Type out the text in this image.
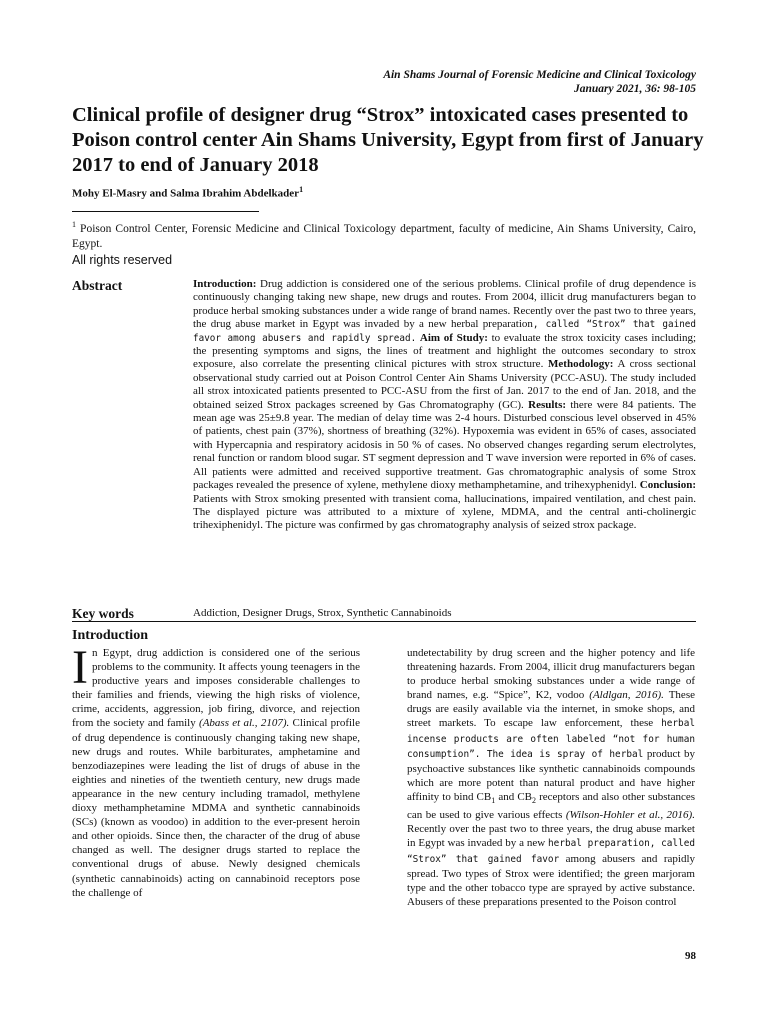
Ain Shams Journal of Forensic Medicine and Clinical Toxicology
January 2021, 36: 98-105
Clinical profile of designer drug “Strox” intoxicated cases presented to Poison control center Ain Shams University, Egypt from first of January 2017 to end of January 2018
Mohy El-Masry and Salma Ibrahim Abdelkader$^1$
$^1$ Poison Control Center, Forensic Medicine and Clinical Toxicology department, faculty of medicine, Ain Shams University, Cairo, Egypt.
All rights reserved
Abstract	Introduction: Drug addiction is considered one of the serious problems. Clinical profile of drug dependence is continuously changing taking new shape, new drugs and routes. From 2004, illicit drug manufacturers began to produce herbal smoking substances under a wide range of brand names. Recently over the past two to three years, the drug abuse market in Egypt was invaded by a new herbal preparation, called “Strox” that gained favor among abusers and rapidly spread. Aim of Study: to evaluate the strox toxicity cases including; the presenting symptoms and signs, the lines of treatment and highlight the outcomes secondary to strox exposure, also correlate the presenting clinical pictures with strox structure. Methodology: A cross sectional observational study carried out at Poison Control Center Ain Shams University (PCC-ASU). The study included all strox intoxicated patients presented to PCC-ASU from the first of Jan. 2017 to the end of Jan. 2018, and the obtained seized Strox packages screened by Gas Chromatography (GC). Results: there were 84 patients. The mean age was 25±9.8 year. The median of delay time was 2-4 hours. Disturbed conscious level observed in 45% of patients, chest pain (37%), shortness of breathing (32%). Hypoxemia was evident in 65% of cases, associated with Hypercapnia and respiratory acidosis in 50 % of cases. No observed changes regarding serum electrolytes, renal function or random blood sugar. ST segment depression and T wave inversion were reported in 6% of cases. All patients were admitted and received supportive treatment. Gas chromatographic analysis of some Strox packages revealed the presence of xylene, methylene dioxy methamphetamine, and trihexyphenidyl. Conclusion: Patients with Strox smoking presented with transient coma, hallucinations, impaired ventilation, and chest pain. The displayed picture was attributed to a mixture of xylene, MDMA, and the central anti-cholinergic trihexiphenidyl. The picture was confirmed by gas chromatography analysis of seized strox package.
Key words	Addiction, Designer Drugs, Strox, Synthetic Cannabinoids
Introduction

In Egypt, drug addiction is considered one of the serious problems to the community. It affects young teenagers in the productive years and imposes considerable challenges to their families and friends, viewing the high risks of violence, crime, accidents, aggression, job firing, divorce, and rejection from the society and family (Abass et al., 2107). Clinical profile of drug dependence is continuously changing taking new shape, new drugs and routes. While barbiturates, amphetamine and benzodiazepines were leading the list of drugs of abuse in the eighties and nineties of the twentieth century, new drugs made appearance in the new century including tramadol, methylene dioxy methamphetamine MDMA and synthetic cannabinoids (SCs) (known as voodoo) in addition to the ever-present heroin and other opioids. Since then, the character of the drug of abuse changed as well. The designer drugs started to replace the conventional drugs of abuse. Newly designed chemicals (synthetic cannabinoids) acting on cannabinoid receptors pose the challenge of

undetectability by drug screen and the higher potency and life threatening hazards. From 2004, illicit drug manufacturers began to produce herbal smoking substances under a wide range of brand names, e.g. “Spice”, K2, vodoo (Aldlgan, 2016). These drugs are easily available via the internet, in smoke shops, and street markets. To escape law enforcement, these herbal incense products are often labeled “not for human consumption”. The idea is spray of herbal product by psychoactive substances like synthetic cannabinoids compounds which are more potent than natural product and have higher affinity to bind $CB_1$ and $CB_2$ receptors and also other substances can be used to give various effects (Wilson-Hohler et al., 2016). Recently over the past two to three years, the drug abuse market in Egypt was invaded by a new herbal preparation, called “Strox” that gained favor among abusers and rapidly spread. Two types of Strox were identified; the green marjoram type and the other tobacco type are sprayed by active substance. Abusers of these preparations presented to the Poison control

98
